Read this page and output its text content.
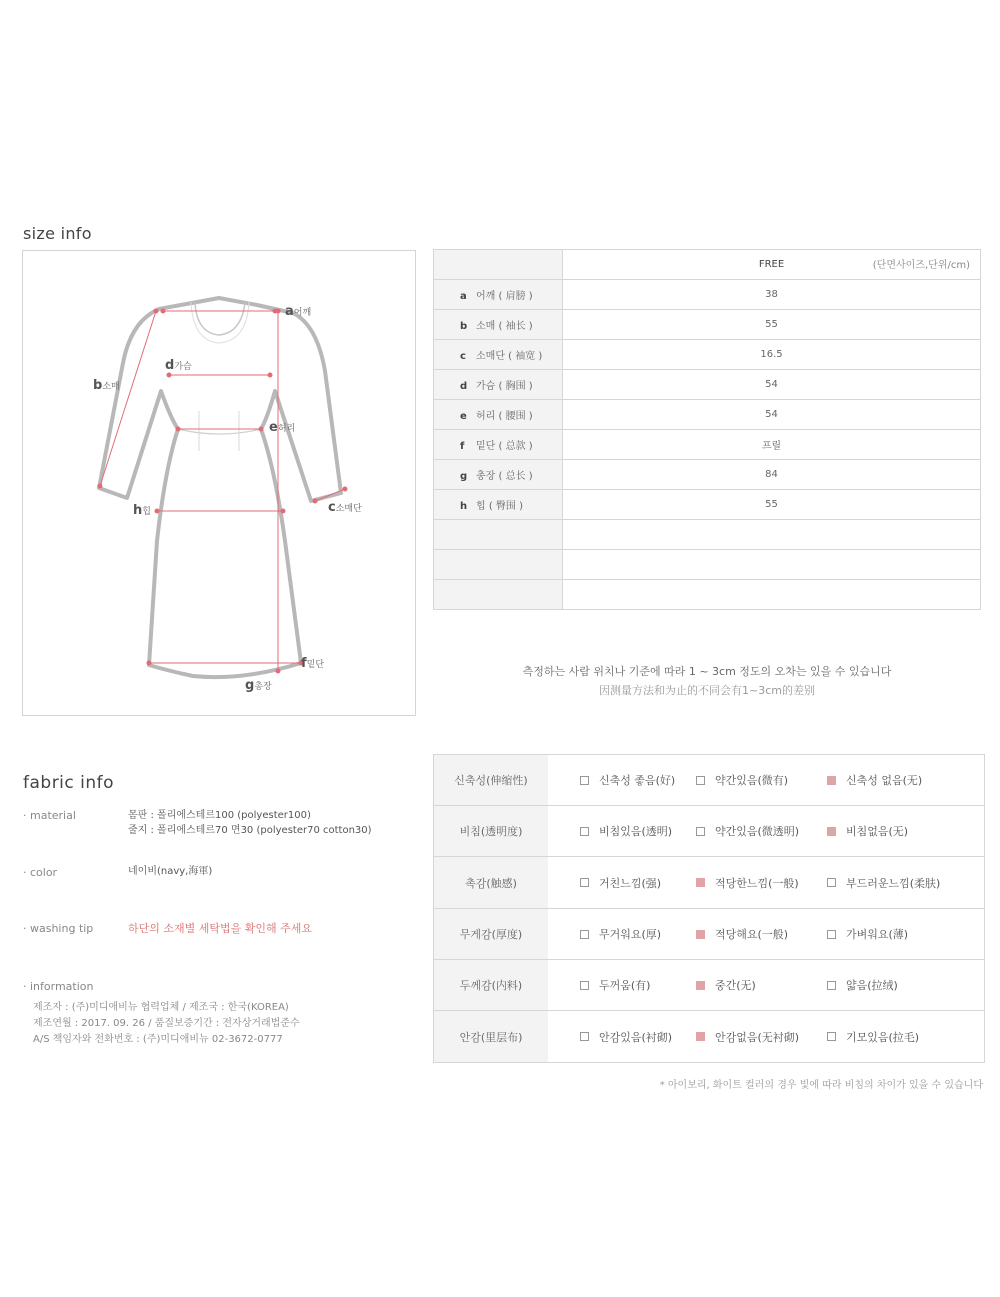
size info
a어깨
b소매
c소매단
d가슴
e허리
f밑단
g총장
h힙
	FREE (단면사이즈,단위/cm)

a 어깨 ( 肩膀 )	38
b 소매 ( 袖长 )	55
c 소매단 ( 袖宽 )	16.5
d 가슴 ( 胸围 )	54
e 허리 ( 腰围 )	54
f 밑단 ( 总款 )	프릴
g 총장 ( 总长 )	84
h 힙 ( 臀围 )	55

측정하는 사람 위치나 기준에 따라 1 ~ 3cm 정도의 오차는 있을 수 있습니다
因测量方法和为止的不同会有1~3cm的差别
fabric info
· material	몸판 : 폴리에스테르100 (polyester100)
줄지 : 폴리에스테르70 면30 (polyester70 cotton30)
· color	네이비(navy,海軍)
· washing tip	하단의 소재별 세탁법을 확인해 주세요
· information
제조자 : (주)미디애비뉴 협력업체 / 제조국 : 한국(KOREA)
제조연월 : 2017. 09. 26 / 품질보증기간 : 전자상거래법준수
A/S 책임자와 전화번호 : (주)미디애비뉴 02-3672-0777
신축성(伸缩性)	신축성 좋음(好)	약간있음(微有)	신축성 없음(无)
비침(透明度)	비침있음(透明)	약간있음(微透明)	비침없음(无)
촉감(触感)	거친느낌(强)	적당한느낌(一般)	부드러운느낌(柔肤)
무게감(厚度)	무거워요(厚)	적당해요(一般)	가벼워요(薄)
두께감(内料)	두꺼움(有)	중간(无)	얇음(拉绒)
안감(里层布)	안감있음(衬砌)	안감없음(无衬砌)	기모있음(拉毛)
* 아이보리, 화이트 컬러의 경우 빛에 따라 비침의 차이가 있을 수 있습니다
